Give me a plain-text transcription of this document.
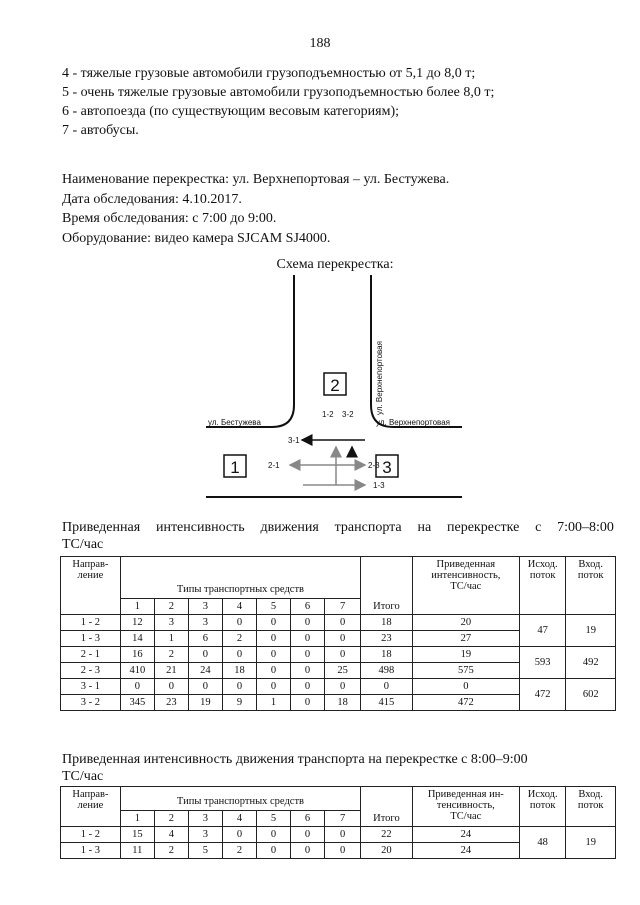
188
4 - тяжелые грузовые автомобили грузоподъемностью от 5,1 до 8,0 т;
5 - очень тяжелые грузовые автомобили грузоподъемностью более 8,0 т;
6 - автопоезда (по существующим весовым категориям);
7 - автобусы.
Наименование перекрестка: ул. Верхнепортовая – ул. Бестужева.
Дата обследования: 4.10.2017.
Время обследования: с 7:00 до 9:00.
Оборудование: видео камера SJCAM SJ4000.
Схема перекрестка:
ул. Бестужева	ул. Верхнепортовая
ул. Верхнепортовая
2
1	3
1-2 3-2
3-1
2-1	2-3
1-3
Приведенная интенсивность движения транспорта на перекрестке с 7:00–8:00
ТС/час
Направ-
ление	Типы транспортных средств							Итого	Приведенная
интенсивность,
ТС/час	Исход.
поток	Вход.
поток
	1	2	3	4	5	6	7				
1 - 2	12	3	3	0	0	0	0	18	20	47	19
1 - 3	14	1	6	2	0	0	0	23	27		
2 - 1	16	2	0	0	0	0	0	18	19	593	492
2 - 3	410	21	24	18	0	0	25	498	575		
3 - 1	0	0	0	0	0	0	0	0	0	472	602
3 - 2	345	23	19	9	1	0	18	415	472		
Приведенная интенсивность движения транспорта на перекрестке с 8:00–9:00
ТС/час
Направ-
ление	Типы транспортных средств							Итого	Приведенная ин-
тенсивность,
ТС/час	Исход.
поток	Вход.
поток
	1	2	3	4	5	6	7				
1 - 2	15	4	3	0	0	0	0	22	24	48	19
1 - 3	11	2	5	2	0	0	0	20	24		
